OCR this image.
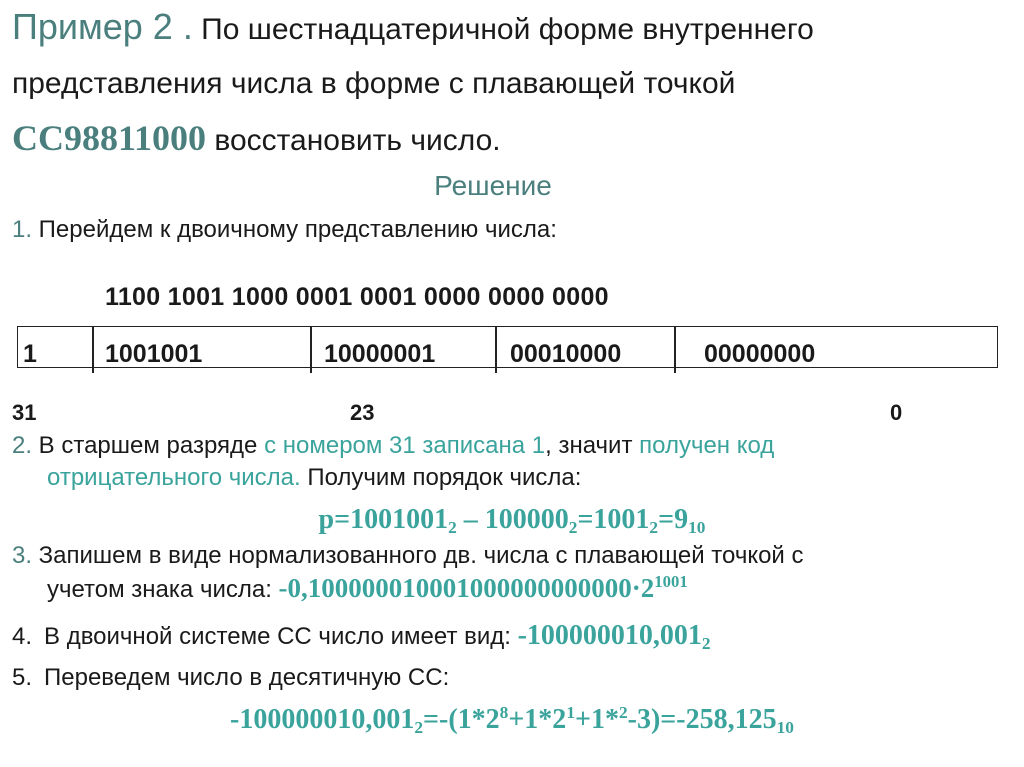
Пример 2 . По шестнадцатеричной форме внутреннего
представления числа в форме с плавающей точкой
CC98811000 восстановить число.
Решение
1. Перейдем к двоичному представлению числа:
1100 1001 1000 0001 0001 0000 0000 0000
1	1001001	10000001	00010000	00000000
31	23	0
2. В старшем разряде с номером 31 записана 1, значит получен код
отрицательного числа. Получим порядок числа:
$p=1001001_2 - 100000_2=1001_2=9_{10}$
3. Запишем в виде нормализованного дв. числа с плавающей точкой с
учетом знака числа: $-0,100000010001000000000000\cdot 2^{1001}$
4. В двоичной системе СС число имеет вид: $-100000010,001_2$
5. Переведем число в десятичную СС:
$-100000010,001_2=-(1*2^8+1*2^1+1*^2-3)=-258,125_{10}$
